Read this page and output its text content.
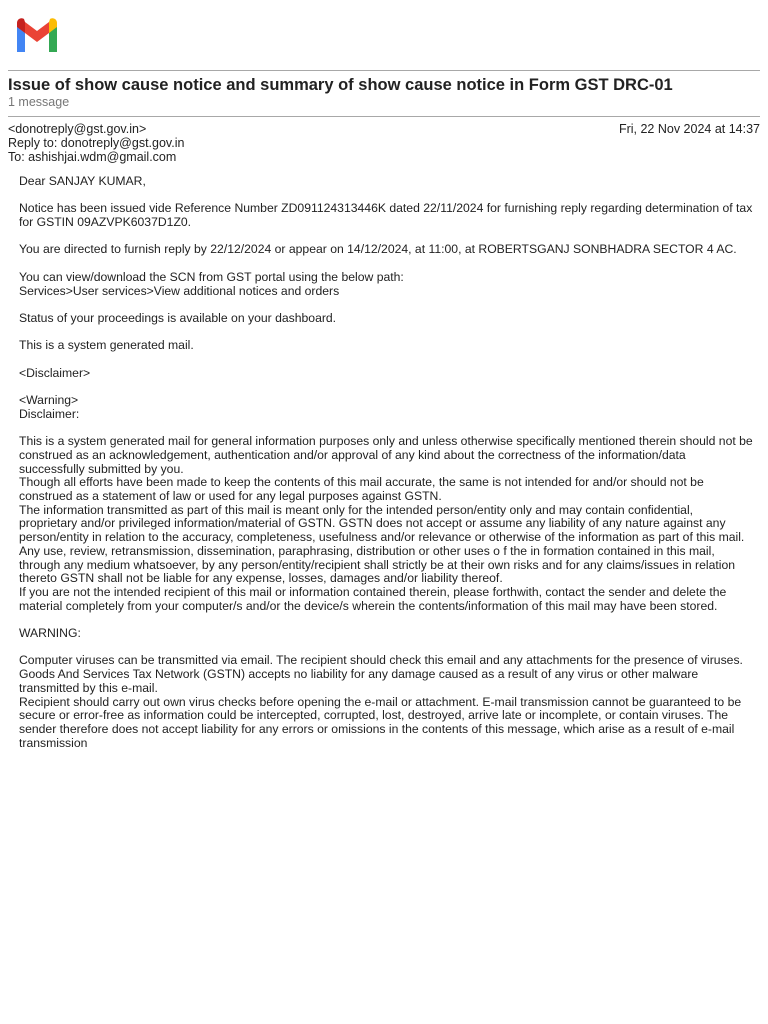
Issue of show cause notice and summary of show cause notice in Form GST DRC-01
1 message
<donotreply@gst.gov.in>	Fri, 22 Nov 2024 at 14:37
Reply to: donotreply@gst.gov.in
To: ashishjai.wdm@gmail.com

Dear SANJAY KUMAR,

Notice has been issued vide Reference Number ZD091124313446K dated 22/11/2024 for furnishing reply regarding determination of tax for GSTIN 09AZVPK6037D1Z0.

You are directed to furnish reply by 22/12/2024 or appear on 14/12/2024, at 11:00, at ROBERTSGANJ SONBHADRA SECTOR 4 AC.

You can view/download the SCN from GST portal using the below path:

Services>User services>View additional notices and orders

Status of your proceedings is available on your dashboard.

This is a system generated mail.

<Disclaimer>

<Warning>

Disclaimer:

This is a system generated mail for general information purposes only and unless otherwise specifically mentioned therein should not be construed as an acknowledgement, authentication and/or approval of any kind about the correctness of the information/data successfully submitted by you.
Though all efforts have been made to keep the contents of this mail accurate, the same is not intended for and/or should not be construed as a statement of law or used for any legal purposes against GSTN.
The information transmitted as part of this mail is meant only for the intended person/entity only and may contain confidential, proprietary and/or privileged information/material of GSTN. GSTN does not accept or assume any liability of any nature against any person/entity in relation to the accuracy, completeness, usefulness and/or relevance or otherwise of the information as part of this mail.
Any use, review, retransmission, dissemination, paraphrasing, distribution or other uses o f the in formation contained in this mail, through any medium whatsoever, by any person/entity/recipient shall strictly be at their own risks and for any claims/issues in relation thereto GSTN shall not be liable for any expense, losses, damages and/or liability thereof.

If you are not the intended recipient of this mail or information contained therein, please forthwith, contact the sender and delete the material completely from your computer/s and/or the device/s wherein the contents/information of this mail may have been stored.

WARNING:

Computer viruses can be transmitted via email. The recipient should check this email and any attachments for the presence of viruses. Goods And Services Tax Network (GSTN) accepts no liability for any damage caused as a result of any virus or other malware transmitted by this e-mail.
Recipient should carry out own virus checks before opening the e-mail or attachment. E-mail transmission cannot be guaranteed to be secure or error-free as information could be intercepted, corrupted, lost, destroyed, arrive late or incomplete, or contain viruses. The sender therefore does not accept liability for any errors or omissions in the contents of this message, which arise as a result of e-mail transmission
